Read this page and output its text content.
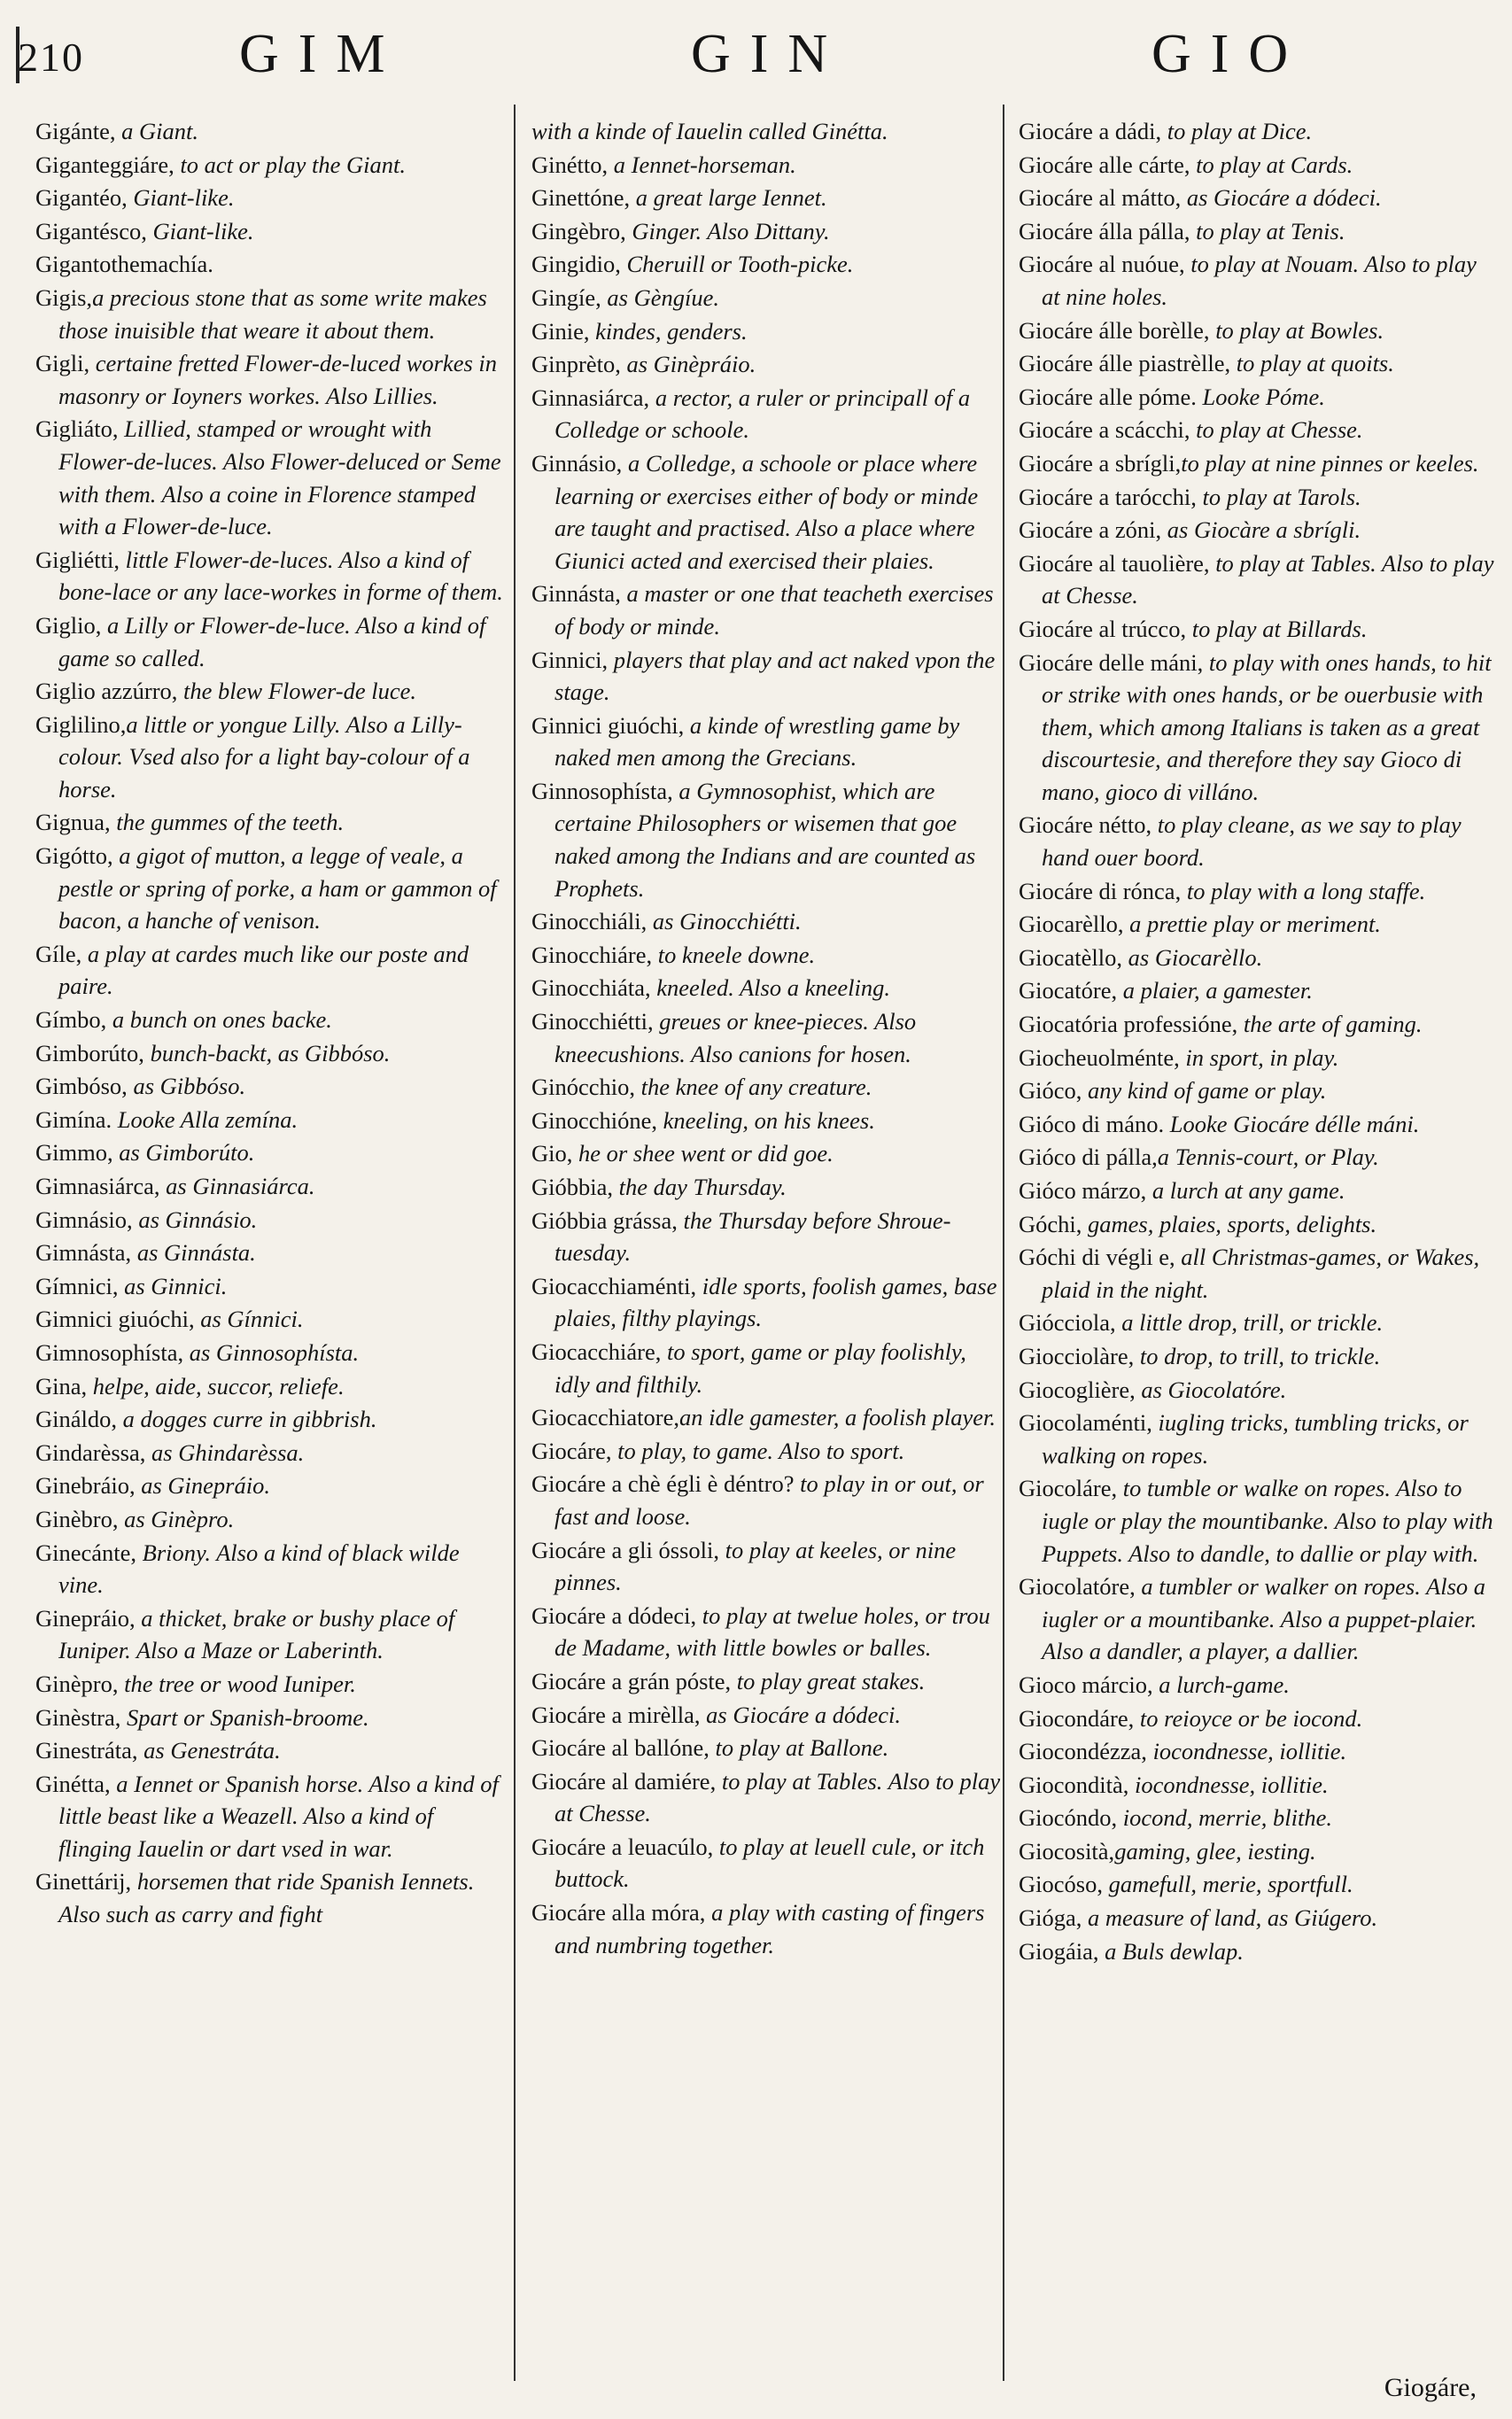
210	GIM	GIN	GIO
Gigánte, a Giant.
Giganteggiáre, to act or play the Giant.
Gigantéo, Giant-like.
Gigantésco, Giant-like.
Gigantothemachía.
Gigis,a precious stone that as some write makes those inuisible that weare it about them.
Gigli, certaine fretted Flower-de-luced workes in masonry or Ioyners workes. Also Lillies.
Gigliáto, Lillied, stamped or wrought with Flower-de-luces. Also Flower-deluced or Seme with them. Also a coine in Florence stamped with a Flower-de-luce.
Gigliétti, little Flower-de-luces. Also a kind of bone-lace or any lace-workes in forme of them.
Giglio, a Lilly or Flower-de-luce. Also a kind of game so called.
Giglio azzúrro, the blew Flower-de luce.
Giglilino,a little or yongue Lilly. Also a Lilly-colour. Vsed also for a light bay-colour of a horse.
Gignua, the gummes of the teeth.
Gigótto, a gigot of mutton, a legge of veale, a pestle or spring of porke, a ham or gammon of bacon, a hanche of venison.
Gíle, a play at cardes much like our poste and paire.
Gímbo, a bunch on ones backe.
Gimborúto, bunch-backt, as Gibbóso.
Gimbóso, as Gibbóso.
Gimína. Looke Alla zemína.
Gimmo, as Gimborúto.
Gimnasiárca, as Ginnasiárca.
Gimnásio, as Ginnásio.
Gimnásta, as Ginnásta.
Gímnici, as Ginnici.
Gimnici giuóchi, as Gínnici.
Gimnosophísta, as Ginnosophísta.
Gina, helpe, aide, succor, reliefe.
Gináldo, a dogges curre in gibbrish.
Gindarèssa, as Ghindarèssa.
Ginebráio, as Ginepráio.
Ginèbro, as Ginèpro.
Ginecánte, Briony. Also a kind of black wilde vine.
Ginepráio, a thicket, brake or bushy place of Iuniper. Also a Maze or Laberinth.
Ginèpro, the tree or wood Iuniper.
Ginèstra, Spart or Spanish-broome.
Ginestráta, as Genestráta.
Ginétta, a Iennet or Spanish horse. Also a kind of little beast like a Weazell. Also a kind of flinging Iauelin or dart vsed in war.
Ginettárij, horsemen that ride Spanish Iennets. Also such as carry and fight
with a kinde of Iauelin called Ginétta.
Ginétto, a Iennet-horseman.
Ginettóne, a great large Iennet.
Gingèbro, Ginger. Also Dittany.
Gingidio, Cheruill or Tooth-picke.
Gingíe, as Gèngíue.
Ginie, kindes, genders.
Ginprèto, as Ginèpráio.
Ginnasiárca, a rector, a ruler or principall of a Colledge or schoole.
Ginnásio, a Colledge, a schoole or place where learning or exercises either of body or minde are taught and practised. Also a place where Giunici acted and exercised their plaies.
Ginnásta, a master or one that teacheth exercises of body or minde.
Ginnici, players that play and act naked vpon the stage.
Ginnici giuóchi, a kinde of wrestling game by naked men among the Grecians.
Ginnosophísta, a Gymnosophist, which are certaine Philosophers or wisemen that goe naked among the Indians and are counted as Prophets.
Ginocchiáli, as Ginocchiétti.
Ginocchiáre, to kneele downe.
Ginocchiáta, kneeled. Also a kneeling.
Ginocchiétti, greues or knee-pieces. Also kneecushions. Also canions for hosen.
Ginócchio, the knee of any creature.
Ginocchióne, kneeling, on his knees.
Gio, he or shee went or did goe.
Gióbbia, the day Thursday.
Gióbbia grássa, the Thursday before Shroue-tuesday.
Giocacchiaménti, idle sports, foolish games, base plaies, filthy playings.
Giocacchiáre, to sport, game or play foolishly, idly and filthily.
Giocacchiatore,an idle gamester, a foolish player.
Giocáre, to play, to game. Also to sport.
Giocáre a chè égli è déntro? to play in or out, or fast and loose.
Giocáre a gli óssoli, to play at keeles, or nine pinnes.
Giocáre a dódeci, to play at twelue holes, or trou de Madame, with little bowles or balles.
Giocáre a grán póste, to play great stakes.
Giocáre a mirèlla, as Giocáre a dódeci.
Giocáre al ballóne, to play at Ballone.
Giocáre al damiére, to play at Tables. Also to play at Chesse.
Giocáre a leuacúlo, to play at leuell cule, or itch buttock.
Giocáre alla móra, a play with casting of fingers and numbring together.
Giocáre a dádi, to play at Dice.
Giocáre alle cárte, to play at Cards.
Giocáre al mátto, as Giocáre a dódeci.
Giocáre álla pálla, to play at Tenis.
Giocáre al nuóue, to play at Nouam. Also to play at nine holes.
Giocáre álle borèlle, to play at Bowles.
Giocáre álle piastrèlle, to play at quoits.
Giocáre alle póme. Looke Póme.
Giocáre a scácchi, to play at Chesse.
Giocáre a sbrígli,to play at nine pinnes or keeles.
Giocáre a tarócchi, to play at Tarols.
Giocáre a zóni, as Giocàre a sbrígli.
Giocáre al tauolière, to play at Tables. Also to play at Chesse.
Giocáre al trúcco, to play at Billards.
Giocáre delle máni, to play with ones hands, to hit or strike with ones hands, or be ouerbusie with them, which among Italians is taken as a great discourtesie, and therefore they say Gioco di mano, gioco di villáno.
Giocáre nétto, to play cleane, as we say to play hand ouer boord.
Giocáre di rónca, to play with a long staffe.
Giocarèllo, a prettie play or meriment.
Giocatèllo, as Giocarèllo.
Giocatóre, a plaier, a gamester.
Giocatória professióne, the arte of gaming.
Giocheuolménte, in sport, in play.
Gióco, any kind of game or play.
Gióco di máno. Looke Giocáre délle máni.
Gióco di pálla,a Tennis-court, or Play.
Gióco márzo, a lurch at any game.
Góchi, games, plaies, sports, delights.
Góchi di végli e, all Christmas-games, or Wakes, plaid in the night.
Giócciola, a little drop, trill, or trickle.
Giocciolàre, to drop, to trill, to trickle.
Giocoglière, as Giocolatóre.
Giocolaménti, iugling tricks, tumbling tricks, or walking on ropes.
Giocoláre, to tumble or walke on ropes. Also to iugle or play the mountibanke. Also to play with Puppets. Also to dandle, to dallie or play with.
Giocolatóre, a tumbler or walker on ropes. Also a iugler or a mountibanke. Also a puppet-plaier. Also a dandler, a player, a dallier.
Gioco márcio, a lurch-game.
Giocondáre, to reioyce or be iocond.
Giocondézza, iocondnesse, iollitie.
Giocondità, iocondnesse, iollitie.
Giocóndo, iocond, merrie, blithe.
Giocosità,gaming, glee, iesting.
Giocóso, gamefull, merie, sportfull.
Gióga, a measure of land, as Giúgero.
Giogáia, a Buls dewlap.
Giogáre,
